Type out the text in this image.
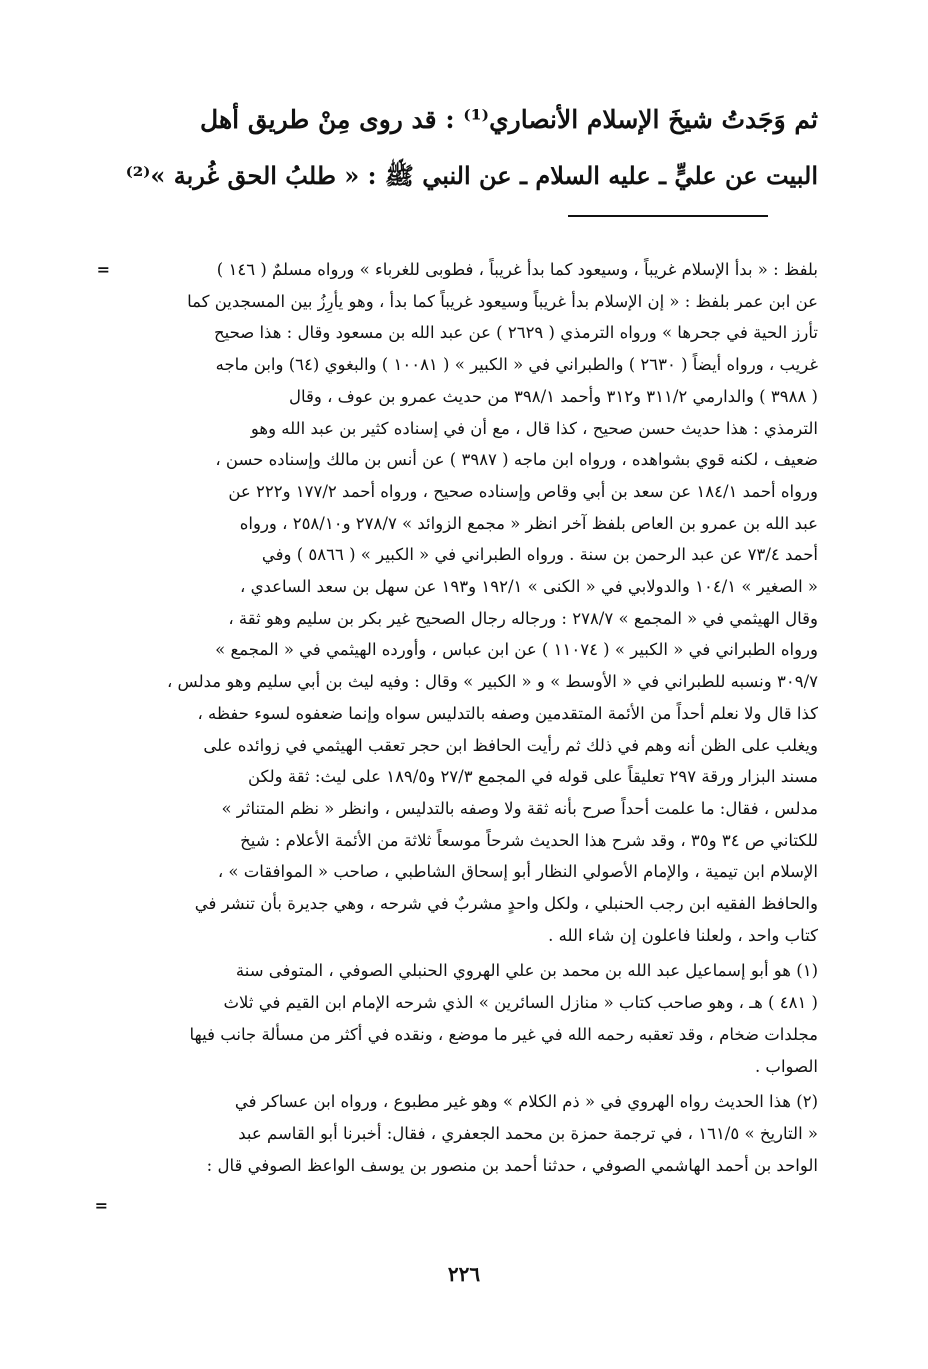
ثم وَجَدتُ شيخَ الإسلام الأنصاري⁽¹⁾ : قد روى مِنْ طريق أهل
البيت عن عليٍّ ـ عليه السلام ـ عن النبي ﷺ : « طلبُ الحق غُربة »⁽²⁾
=	بلفظ : « بدأ الإسلام غريباً ، وسيعود كما بدأ غريباً ، فطوبى للغرباء » ورواه مسلمٌ ( ١٤٦ )
عن ابن عمر بلفظ : « إن الإسلام بدأ غريباً وسيعود غريباً كما بدأ ، وهو يأرِزُ بين المسجدين كما
تأرز الحية في جحرها » ورواه الترمذي ( ٢٦٢٩ ) عن عبد الله بن مسعود وقال : هذا صحيح
غريب ، ورواه أيضاً ( ٢٦٣٠ ) والطبراني في « الكبير » ( ١٠٠٨١ ) والبغوي (٦٤) وابن ماجه
( ٣٩٨٨ ) والدارمي ٣١١/٢ و٣١٢ وأحمد ٣٩٨/١ من حديث عمرو بن عوف ، وقال
الترمذي : هذا حديث حسن صحيح ، كذا قال ، مع أن في إسناده كثير بن عبد الله وهو
ضعيف ، لكنه قوي بشواهده ، ورواه ابن ماجه ( ٣٩٨٧ ) عن أنس بن مالك وإسناده حسن ،
ورواه أحمد ١٨٤/١ عن سعد بن أبي وقاص وإسناده صحيح ، ورواه أحمد ١٧٧/٢ و٢٢٢ عن
عبد الله بن عمرو بن العاص بلفظ آخر انظر « مجمع الزوائد » ٢٧٨/٧ و٢٥٨/١٠ ، ورواه
أحمد ٧٣/٤ عن عبد الرحمن بن سنة . ورواه الطبراني في « الكبير » ( ٥٨٦٦ ) وفي
« الصغير » ١٠٤/١ والدولابي في « الكنى » ١٩٢/١ و١٩٣ عن سهل بن سعد الساعدي ،
وقال الهيثمي في « المجمع » ٢٧٨/٧ : ورجاله رجال الصحيح غير بكر بن سليم وهو ثقة ،
ورواه الطبراني في « الكبير » ( ١١٠٧٤ ) عن ابن عباس ، وأورده الهيثمي في « المجمع »
٣٠٩/٧ ونسبه للطبراني في « الأوسط » و « الكبير » وقال : وفيه ليث بن أبي سليم وهو مدلس ،
كذا قال ولا نعلم أحداً من الأئمة المتقدمين وصفه بالتدليس سواه وإنما ضعفوه لسوء حفظه ،
ويغلب على الظن أنه وهم في ذلك ثم رأيت الحافظ ابن حجر تعقب الهيثمي في زوائده على
مسند البزار ورقة ٢٩٧ تعليقاً على قوله في المجمع ٢٧/٣ و١٨٩/٥ على ليث: ثقة ولكن
مدلس ، فقال: ما علمت أحداً صرح بأنه ثقة ولا وصفه بالتدليس ، وانظر « نظم المتناثر »
للكتاني ص ٣٤ و٣٥ ، وقد شرح هذا الحديث شرحاً موسعاً ثلاثة من الأئمة الأعلام : شيخ
الإسلام ابن تيمية ، والإمام الأصولي النظار أبو إسحاق الشاطبي ، صاحب « الموافقات » ،
والحافظ الفقيه ابن رجب الحنبلي ، ولكل واحدٍ مشربٌ في شرحه ، وهي جديرة بأن تنشر في
كتاب واحد ، ولعلنا فاعلون إن شاء الله .
(١) هو أبو إسماعيل عبد الله بن محمد بن علي الهروي الحنبلي الصوفي ، المتوفى سنة
( ٤٨١ ) هـ ، وهو صاحب كتاب « منازل السائرين » الذي شرحه الإمام ابن القيم في ثلاث
مجلدات ضخام ، وقد تعقبه رحمه الله في غير ما موضع ، ونقده في أكثر من مسألة جانب فيها
الصواب .
(٢) هذا الحديث رواه الهروي في « ذم الكلام » وهو غير مطبوع ، ورواه ابن عساكر في
« التاريخ » ١٦١/٥ ، في ترجمة حمزة بن محمد الجعفري ، فقال: أخبرنا أبو القاسم عبد
الواحد بن أحمد الهاشمي الصوفي ، حدثنا أحمد بن منصور بن يوسف الواعظ الصوفي قال :
=
٢٢٦
